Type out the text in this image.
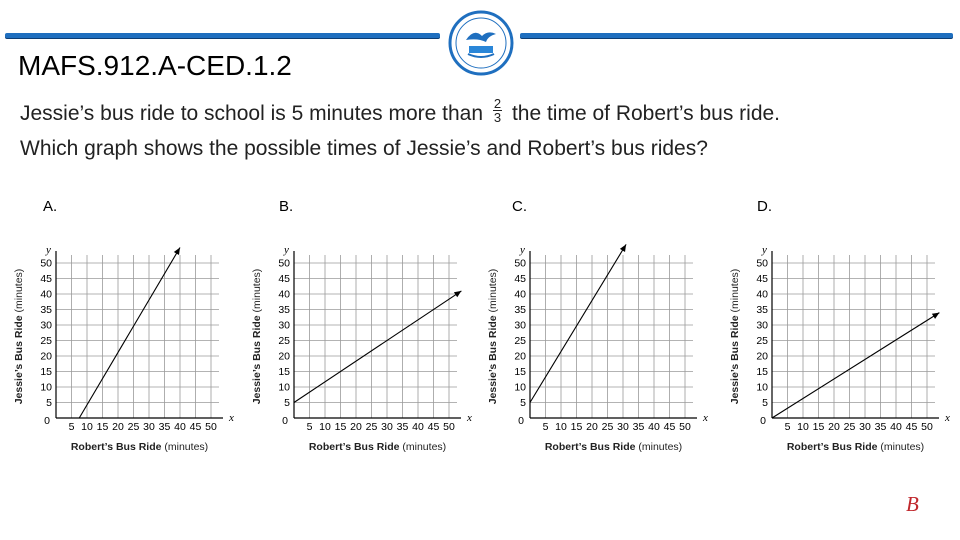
MAFS.912.A-CED.1.2
Jessie’s bus ride to school is 5 minutes more than $\frac{2}{3}$ the time of Robert’s bus ride.
Which graph shows the possible times of Jessie’s and Robert’s bus rides?
A.	B.	C.	D.
5 10 15 20 25 30 35 40 45 50
5
10
15
20
25
30
35
40
45
50
0	x
y
Robert’s Bus Ride (minutes)
Jessie’s Bus Ride (minutes)
5 10 15 20 25 30 35 40 45 50
5
10
15
20
25
30
35
40
45
50
0	x
y
Robert’s Bus Ride (minutes)
Jessie’s Bus Ride (minutes)
5 10 15 20 25 30 35 40 45 50
5
10
15
20
25
30
35
40
45
50
0	x
y
Robert’s Bus Ride (minutes)
Jessie’s Bus Ride (minutes)
5 10 15 20 25 30 35 40 45 50
5
10
15
20
25
30
35
40
45
50
0	x
y
Robert’s Bus Ride (minutes)
Jessie’s Bus Ride (minutes)
B
